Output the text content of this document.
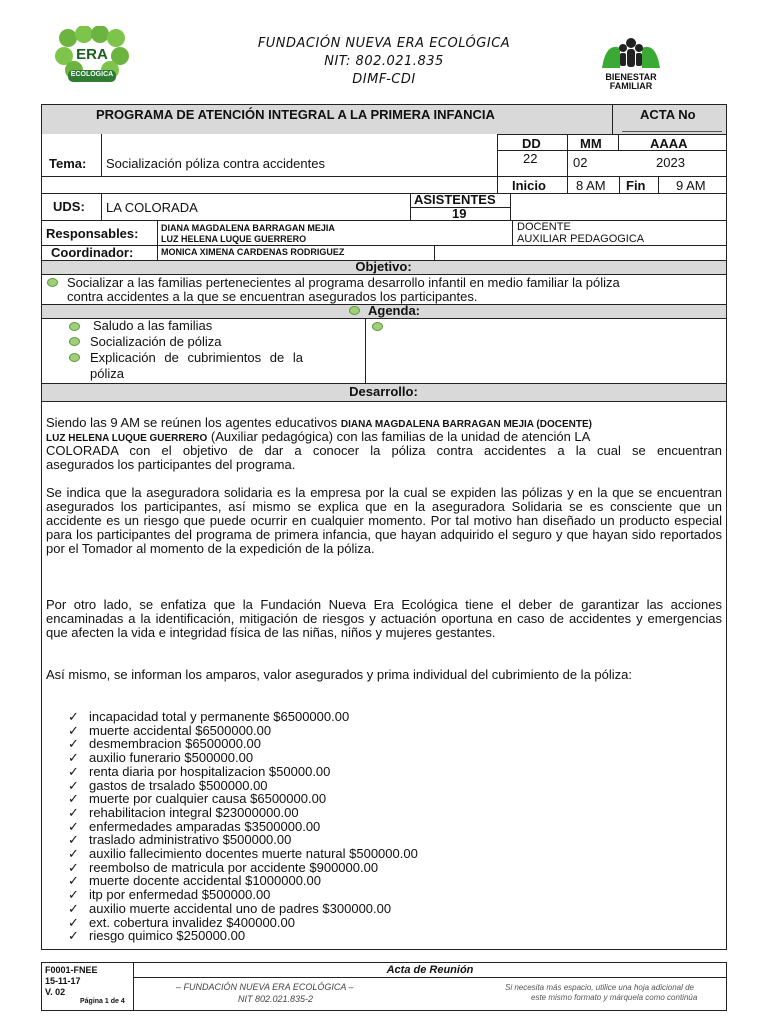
ERA
ECOLÓGICA
FUNDACIÓN NUEVA ERA ECOLÓGICA
NIT: 802.021.835
DIMF-CDI	BIENESTAR
FAMILIAR
PROGRAMA DE ATENCIÓN INTEGRAL A LA PRIMERA INFANCIA	ACTA No
DD	MM	AAAA
22	02	2023
Tema: Socialización póliza contra accidentes
Inicio 8 AM Fin 9 AM
UDS: LA COLORADA
ASISTENTES
19
Responsables:	DIANA MAGDALENA BARRAGAN MEJIA
LUZ HELENA LUQUE GUERRERO
DOCENTE
AUXILIAR PEDAGOGICA
Coordinador:	MONICA XIMENA CARDENAS RODRIGUEZ
Objetivo:
Socializar a las familias pertenecientes al programa desarrollo infantil en medio familiar la póliza
contra accidentes a la que se encuentran asegurados los participantes.
Agenda:
Saludo a las familias
Socialización de póliza
Explicación de cubrimientos de la
póliza
Desarrollo:
Siendo las 9 AM se reúnen los agentes educativos DIANA MAGDALENA BARRAGAN MEJIA (DOCENTE)
LUZ HELENA LUQUE GUERRERO (Auxiliar pedagógica) con las familias de la unidad de atención LA
COLORADA con el objetivo de dar a conocer la póliza contra accidentes a la cual se encuentran
asegurados los participantes del programa.
Se indica que la aseguradora solidaria es la empresa por la cual se expiden las pólizas y en la que se encuentran asegurados los participantes, así mismo se explica que en la aseguradora Solidaria se es consciente que un accidente es un riesgo que puede ocurrir en cualquier momento. Por tal motivo han diseñado un producto especial para los participantes del programa de primera infancia, que hayan adquirido el seguro y que hayan sido reportados por el Tomador al momento de la expedición de la póliza.
Por otro lado, se enfatiza que la Fundación Nueva Era Ecológica tiene el deber de garantizar las acciones encaminadas a la identificación, mitigación de riesgos y actuación oportuna en caso de accidentes y emergencias que afecten la vida e integridad física de las niñas, niños y mujeres gestantes.
Así mismo, se informan los amparos, valor asegurados y prima individual del cubrimiento de la póliza:
✓ incapacidad total y permanente $6500000.00
✓ muerte accidental $6500000.00
✓ desmembracion $6500000.00
✓ auxilio funerario $500000.00
✓ renta diaria por hospitalizacion $50000.00
✓ gastos de trsalado $500000.00
✓ muerte por cualquier causa $6500000.00
✓ rehabilitacion integral $23000000.00
✓ enfermedades amparadas $3500000.00
✓ traslado administrativo $500000.00
✓ auxilio fallecimiento docentes muerte natural $500000.00
✓ reembolso de matricula por accidente $900000.00
✓ muerte docente accidental $1000000.00
✓ itp por enfermedad $500000.00
✓ auxilio muerte accidental uno de padres $300000.00
✓ ext. cobertura invalidez $400000.00
✓ riesgo quimico $250000.00
F0001-FNEE
15-11-17
V. 02
Página 1 de 4
Acta de Reunión
– FUNDACIÓN NUEVA ERA ECOLÓGICA –
NIT 802.021.835-2
Si necesita más espacio, utilice una hoja adicional de
este mismo formato y márquela como continúa
